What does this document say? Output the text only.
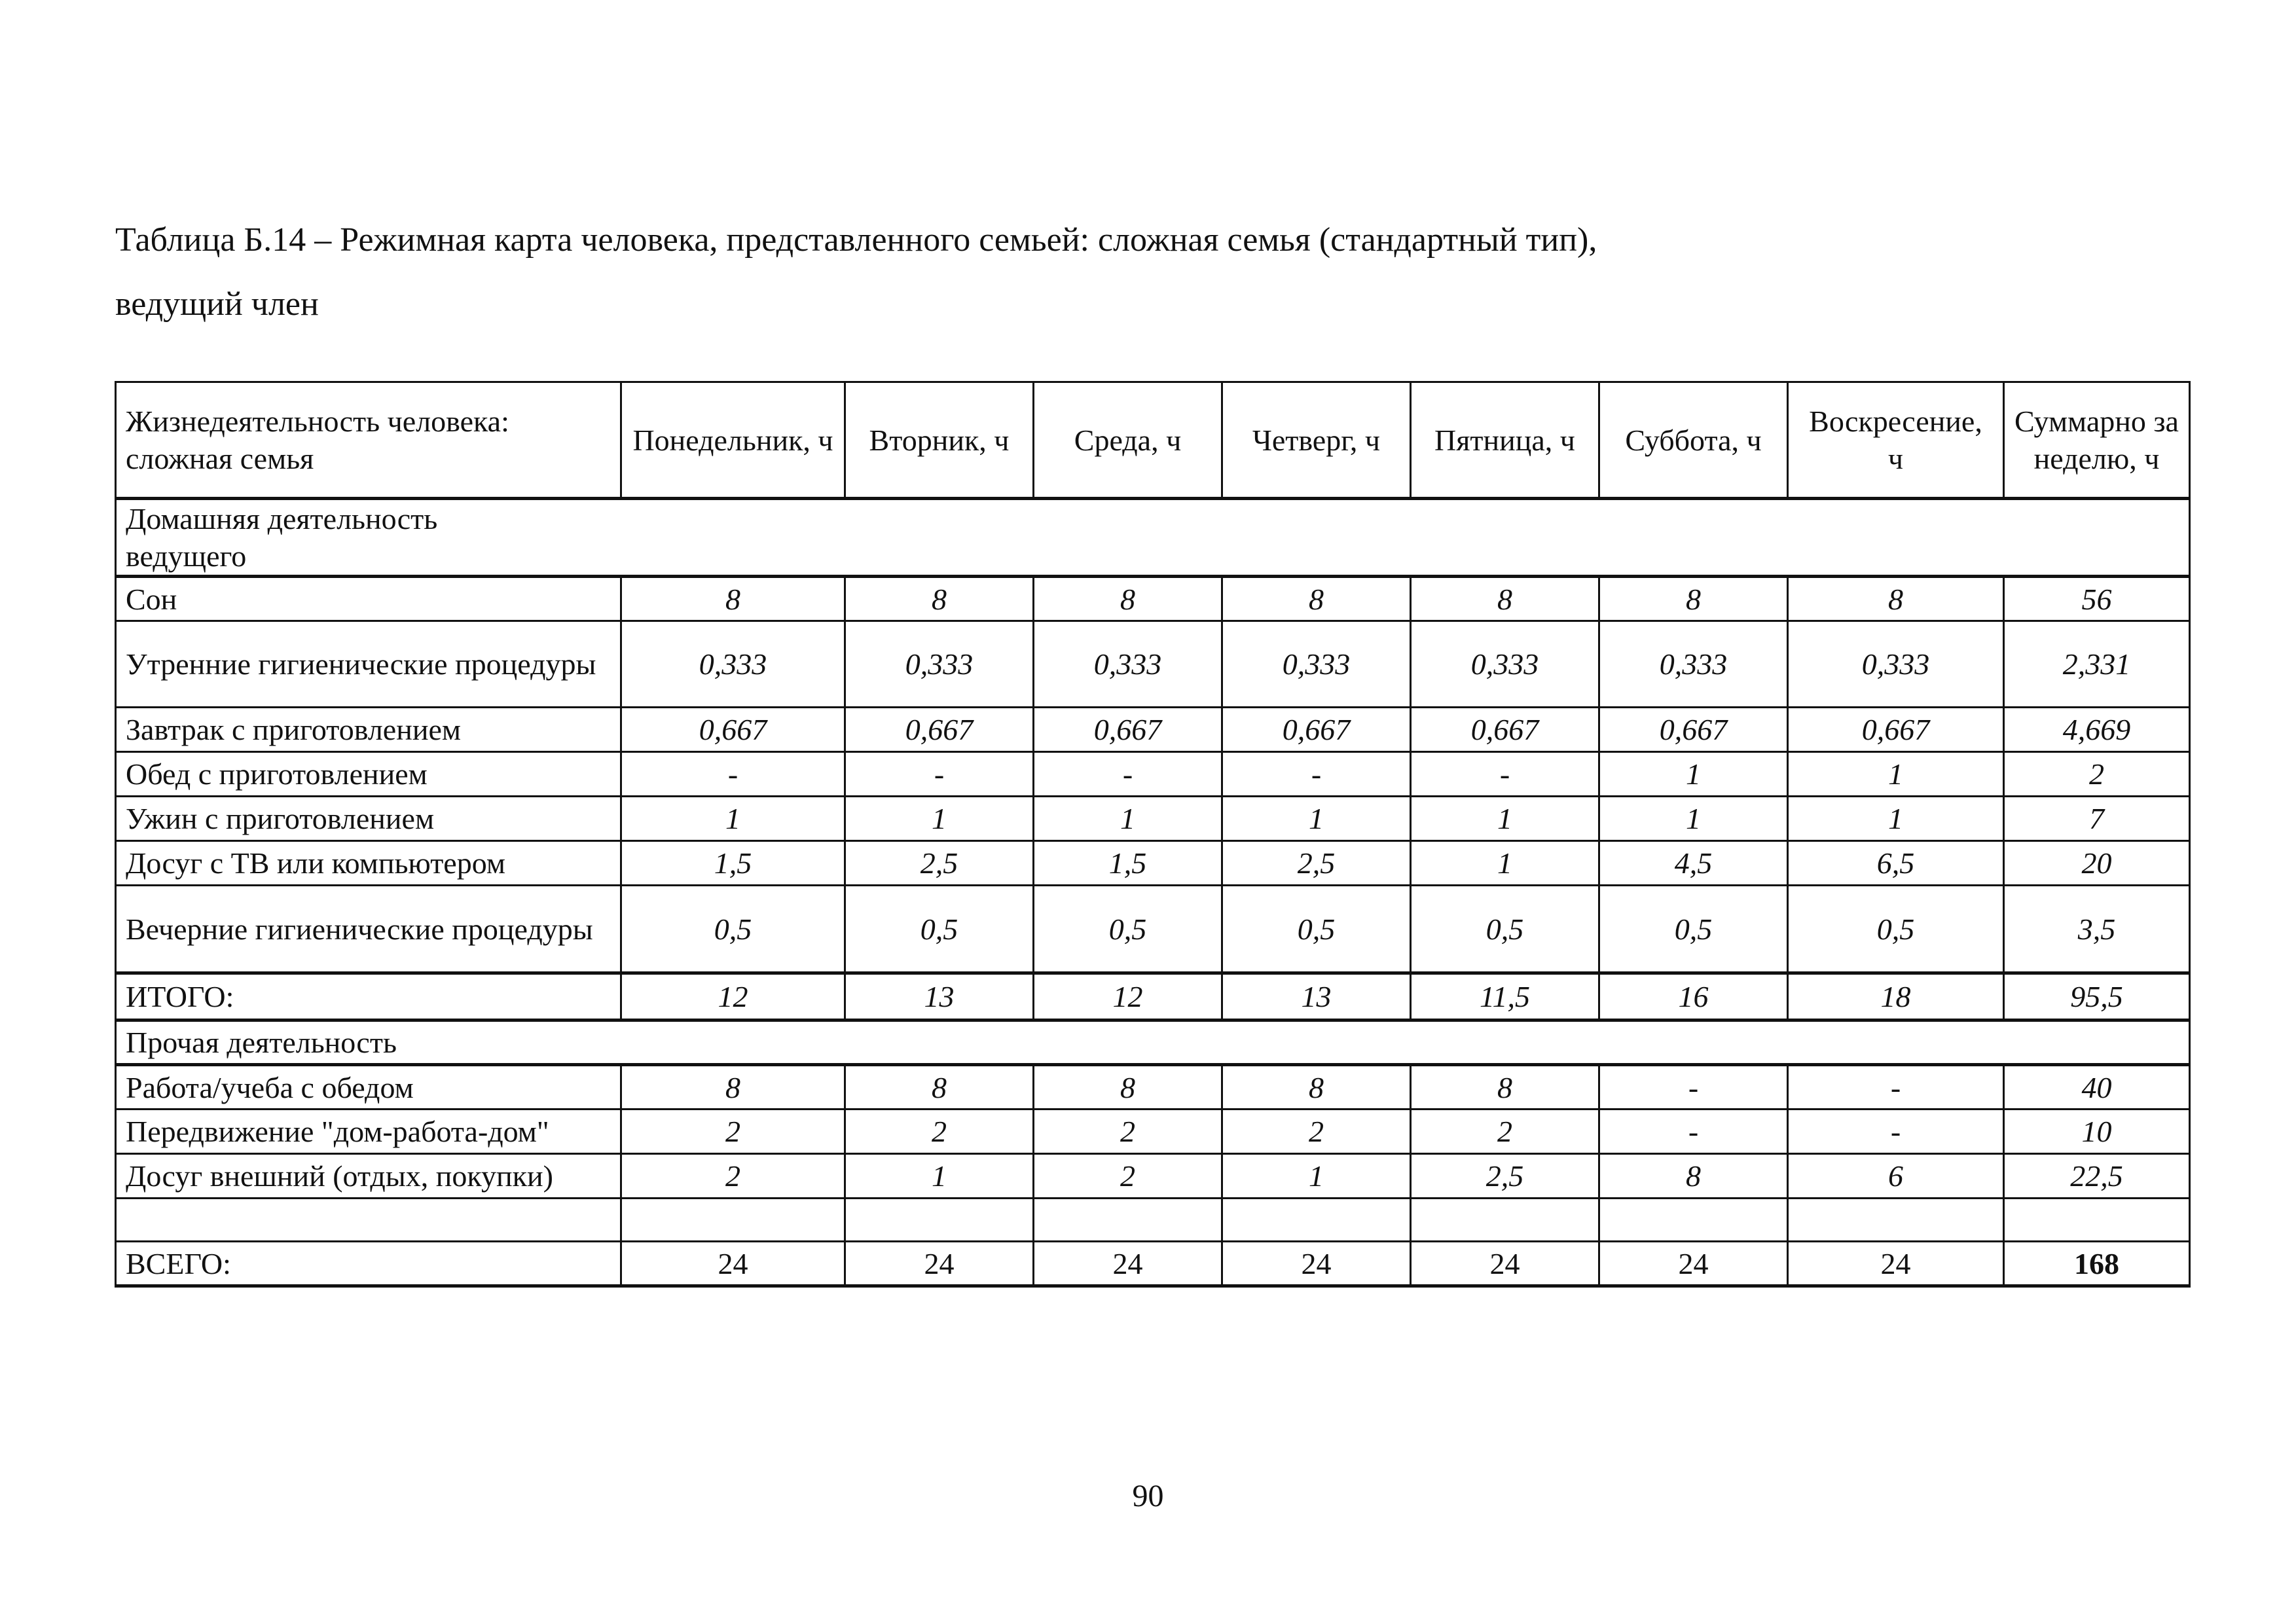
Таблица Б.14 – Режимная карта человека, представленного семьей: сложная семья (стандартный тип),
ведущий член
Жизнедеятельность человека: сложная семья	Понедельник, ч	Вторник, ч	Среда, ч	Четверг, ч	Пятница, ч	Суббота, ч	Воскресение, ч	Суммарно за неделю, ч

Домашняя деятельность ведущего								

Сон	8	8	8	8	8	8	8	56
Утренние гигиенические процедуры	0,333	0,333	0,333	0,333	0,333	0,333	0,333	2,331
Завтрак с приготовлением	0,667	0,667	0,667	0,667	0,667	0,667	0,667	4,669
Обед с приготовлением	-	-	-	-	-	1	1	2
Ужин с приготовлением	1	1	1	1	1	1	1	7
Досуг с ТВ или компьютером	1,5	2,5	1,5	2,5	1	4,5	6,5	20
Вечерние гигиенические процедуры	0,5	0,5	0,5	0,5	0,5	0,5	0,5	3,5
ИТОГО:	12	13	12	13	11,5	16	18	95,5
Прочая деятельность								
Работа/учеба с обедом	8	8	8	8	8	-	-	40
Передвижение "дом-работа-дом"	2	2	2	2	2	-	-	10
Досуг внешний (отдых, покупки)	2	1	2	1	2,5	8	6	22,5

ВСЕГО:	24	24	24	24	24	24	24	168
90
